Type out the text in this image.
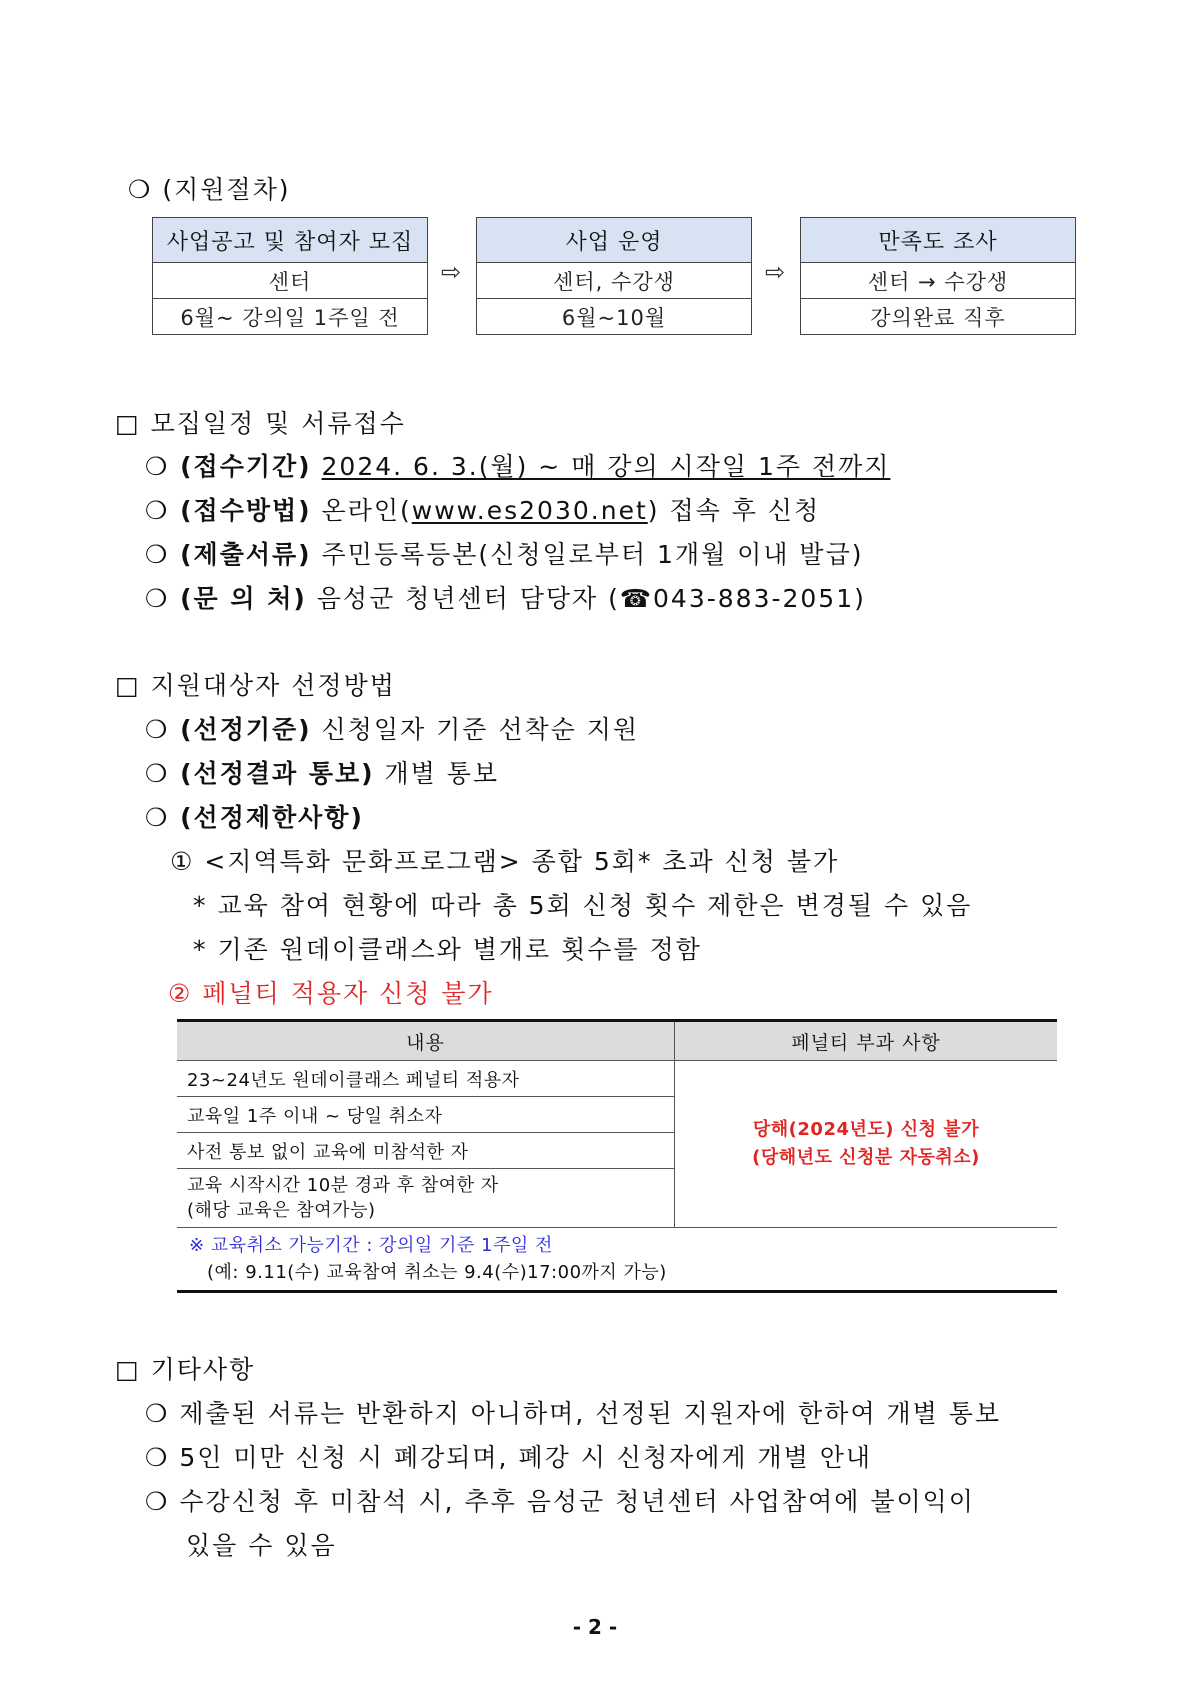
❍ (지원절차)
사업공고 및 참여자 모집
센터
6월~ 강의일 1주일 전
⇨
사업 운영
센터, 수강생
6월~10월
⇨
만족도 조사
센터 → 수강생
강의완료 직후
□ 모집일정 및 서류접수
❍ (접수기간) 2024. 6. 3.(월) ~ 매 강의 시작일 1주 전까지
❍ (접수방법) 온라인(www.es2030.net) 접속 후 신청
❍ (제출서류) 주민등록등본(신청일로부터 1개월 이내 발급)
❍ (문 의 처) 음성군 청년센터 담당자 (☎043-883-2051)
□ 지원대상자 선정방법
❍ (선정기준) 신청일자 기준 선착순 지원
❍ (선정결과 통보) 개별 통보
❍ (선정제한사항)
① <지역특화 문화프로그램> 종합 5회* 초과 신청 불가
* 교육 참여 현황에 따라 총 5회 신청 횟수 제한은 변경될 수 있음
* 기존 원데이클래스와 별개로 횟수를 정함
② 페널티 적용자 신청 불가
내용	페널티 부과 사항
23~24년도 원데이클래스 페널티 적용자	당해(2024년도) 신청 불가
(당해년도 신청분 자동취소)

교육일 1주 이내 ~ 당일 취소자	
사전 통보 없이 교육에 미참석한 자	

교육 시작시간 10분 경과 후 참여한 자
(해당 교육은 참여가능)	

※ 교육취소 가능기간 : 강의일 기준 1주일 전
(예: 9.11(수) 교육참여 취소는 9.4(수)17:00까지 가능)	
□ 기타사항
❍ 제출된 서류는 반환하지 아니하며, 선정된 지원자에 한하여 개별 통보
❍ 5인 미만 신청 시 폐강되며, 폐강 시 신청자에게 개별 안내
❍ 수강신청 후 미참석 시, 추후 음성군 청년센터 사업참여에 불이익이
있을 수 있음
- 2 -
